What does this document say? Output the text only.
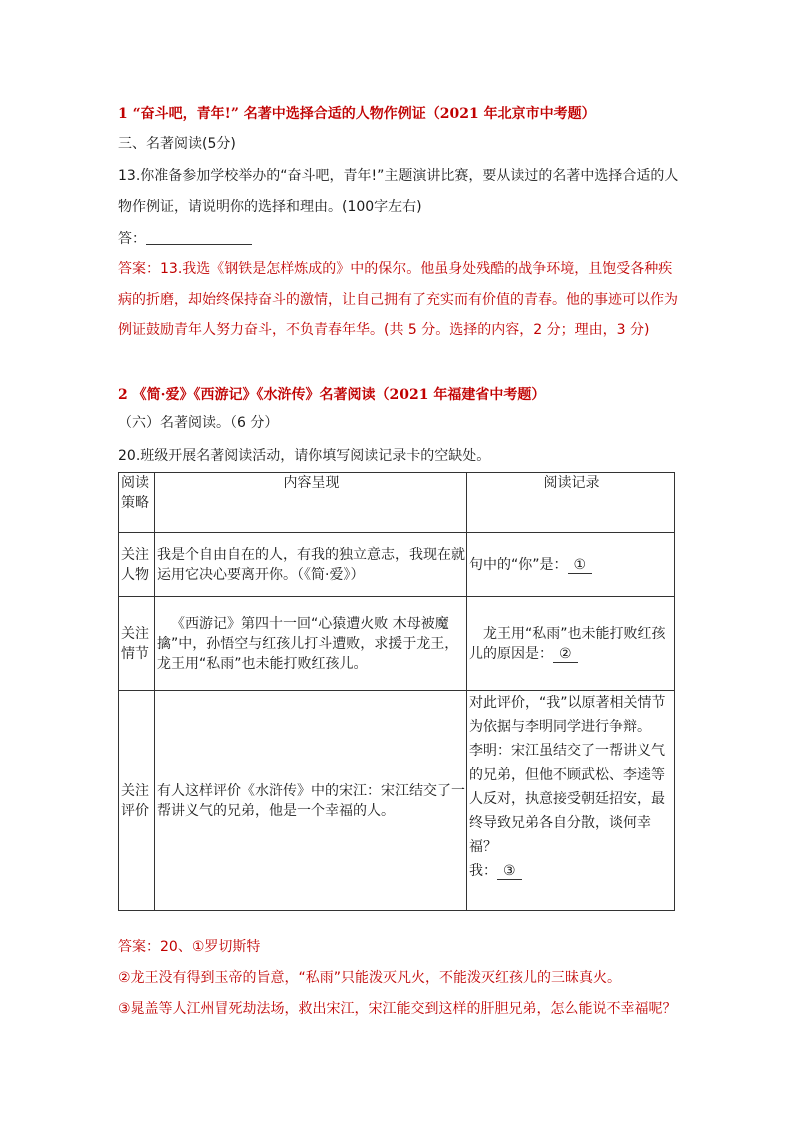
1 “奋斗吧，青年!” 名著中选择合适的人物作例证（2021 年北京市中考题）
三、名著阅读(5分)
13.你准备参加学校举办的“奋斗吧，青年!”主题演讲比赛，要从读过的名著中选择合适的人
物作例证，请说明你的选择和理由。(100字左右)
答：
答案：13.我选《钢铁是怎样炼成的》中的保尔。他虽身处残酷的战争环境，且饱受各种疾
病的折磨，却始终保持奋斗的激情，让自己拥有了充实而有价值的青春。他的事迹可以作为
例证鼓励青年人努力奋斗，不负青春年华。(共 5 分。选择的内容，2 分；理由，3 分)
2 《简·爱》《西游记》《水浒传》名著阅读（2021 年福建省中考题）
（六）名著阅读。（6 分）
20.班级开展名著阅读活动，请你填写阅读记录卡的空缺处。
阅读策略	内容呈现	阅读记录
关注人物	我是个自由自在的人，有我的独立意志，我现在就运用它决心要离开你。（《简·爱》）	句中的“你”是： ①
关注情节	《西游记》第四十一回“心猿遭火败 木母被魔擒”中，孙悟空与红孩儿打斗遭败，求援于龙王，龙王用“私雨”也未能打败红孩儿。	龙王用“私雨”也未能打败红孩儿的原因是： ②
关注评价	有人这样评价《水浒传》中的宋江：宋江结交了一帮讲义气的兄弟，他是一个幸福的人。	对此评价，“我”以原著相关情节为依据与李明同学进行争辩。
李明：宋江虽结交了一帮讲义气的兄弟，但他不顾武松、李逵等人反对，执意接受朝廷招安，最终导致兄弟各自分散，谈何幸福？
我： ③
答案：20、①罗切斯特
②龙王没有得到玉帝的旨意，“私雨”只能泼灭凡火，不能泼灭红孩儿的三昧真火。
③晁盖等人江州冒死劫法场，救出宋江，宋江能交到这样的肝胆兄弟，怎么能说不幸福呢？
